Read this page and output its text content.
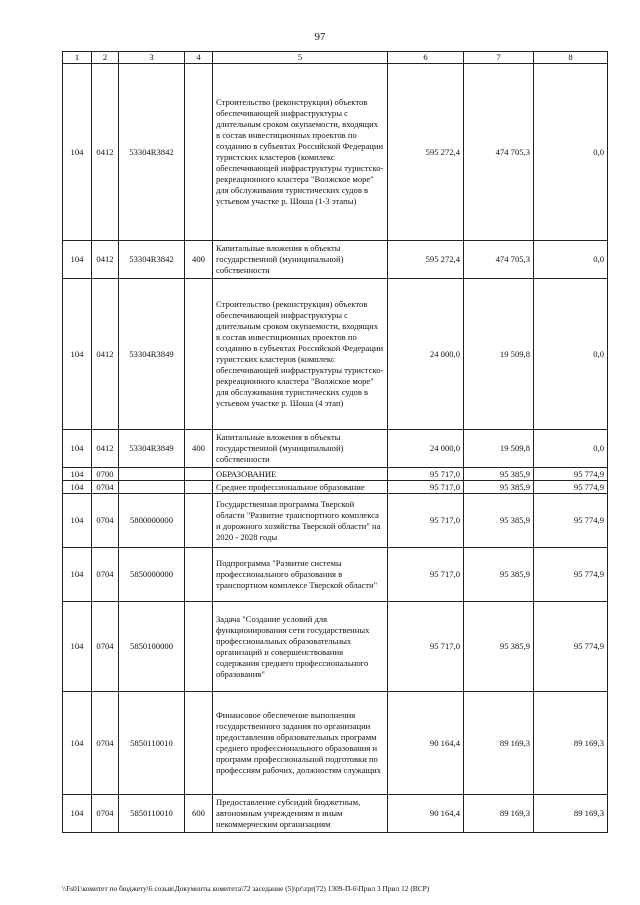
97
1	2	3	4	5	6	7	8
104	0412	53304R3842		Строительство (реконструкция) объектов обеспечивающей инфраструктуры с длительным сроком окупаемости, входящих в состав инвестиционных проектов по созданию в субъектах Российской Федерации туристских кластеров (комплекс обеспечивающей инфраструктуры туристско-рекреационного кластера "Волжское море" для обслуживания туристических судов в устьевом участке р. Шоша (1-3 этапы)	595 272,4	474 705,3	0,0
104	0412	53304R3842	400	Капитальные вложения в объекты государственной (муниципальной) собственности	595 272,4	474 705,3	0,0
104	0412	53304R3849		Строительство (реконструкция) объектов обеспечивающей инфраструктуры с длительным сроком окупаемости, входящих в состав инвестиционных проектов по созданию в субъектах Российской Федерации туристских кластеров (комплекс обеспечивающей инфраструктуры туристско-рекреационного кластера "Волжское море" для обслуживания туристических судов в устьевом участке р. Шоша (4 этап)	24 000,0	19 509,8	0,0
104	0412	53304R3849	400	Капитальные вложения в объекты государственной (муниципальной) собственности	24 000,0	19 509,8	0,0
104	0700			ОБРАЗОВАНИЕ	95 717,0	95 385,9	95 774,9
104	0704			Среднее профессиональное образование	95 717,0	95 385,9	95 774,9
104	0704	5800000000		Государственная программа Тверской области "Развитие транспортного комплекса и дорожного хозяйства Тверской области" на 2020 - 2028 годы	95 717,0	95 385,9	95 774,9
104	0704	5850000000		Подпрограмма "Развитие системы профессионального образования в транспортном комплексе Тверской области"	95 717,0	95 385,9	95 774,9
104	0704	5850100000		Задача "Создание условий для функционирования сети государственных профессиональных образовательных организаций и совершенствования содержания среднего профессионального образования"	95 717,0	95 385,9	95 774,9
104	0704	5850110010		Финансовое обеспечение выполнения государственного задания по организации предоставления образовательных программ среднего профессионального образования и программ профессиональной подготовки по профессиям рабочих, должностям служащих	90 164,4	89 169,3	89 169,3
104	0704	5850110010	600	Предоставление субсидий бюджетным, автономным учреждениям и иным некоммерческим организациям	90 164,4	89 169,3	89 169,3
\\Fs01\комитет по бюджету\6 созыв\Документы комитета\72 заседание (5)\pr\zpr(72) 1309-П-6\Прил 3 Прил 12 (ВСР)
